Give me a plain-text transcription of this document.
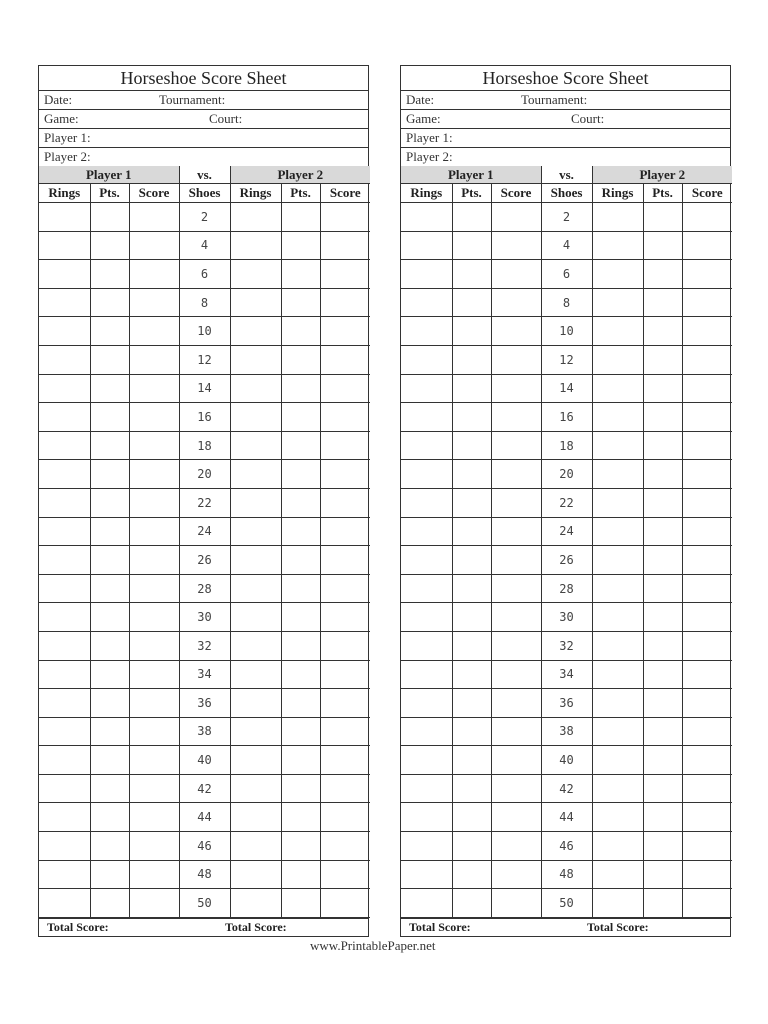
Horseshoe Score Sheet
Date:	Tournament:
Game:	Court:
Player 1:
Player 2:
Player 1			vs.	Player 2		
Rings	Pts.	Score	Shoes	Rings	Pts.	Score
			2			
			4			
			6			
			8			
			10			
			12			
			14			
			16			
			18			
			20			
			22			
			24			
			26			
			28			
			30			
			32			
			34			
			36			
			38			
			40			
			42			
			44			
			46			
			48			
			50			
Total Score:	Total Score:
Horseshoe Score Sheet
Date:	Tournament:
Game:	Court:
Player 1:
Player 2:
Player 1			vs.	Player 2		
Rings	Pts.	Score	Shoes	Rings	Pts.	Score
			2			
			4			
			6			
			8			
			10			
			12			
			14			
			16			
			18			
			20			
			22			
			24			
			26			
			28			
			30			
			32			
			34			
			36			
			38			
			40			
			42			
			44			
			46			
			48			
			50			
Total Score:	Total Score:
www.PrintablePaper.net
